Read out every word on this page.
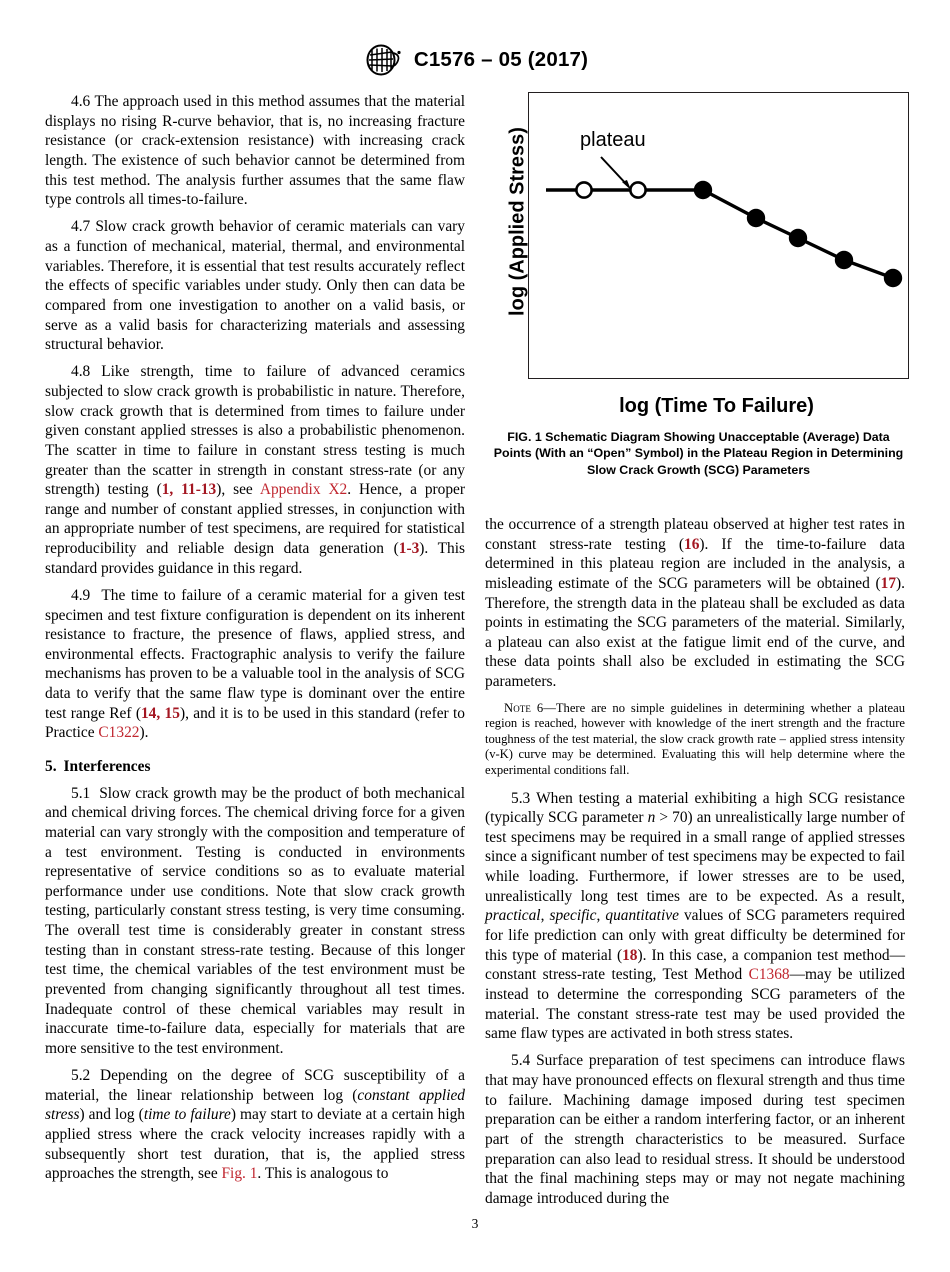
C1576 – 05 (2017)

4.6 The approach used in this method assumes that the material displays no rising R-curve behavior, that is, no increasing fracture resistance (or crack-extension resistance) with increasing crack length. The existence of such behavior cannot be determined from this test method. The analysis further assumes that the same flaw type controls all times-to-failure.

4.7 Slow crack growth behavior of ceramic materials can vary as a function of mechanical, material, thermal, and environmental variables. Therefore, it is essential that test results accurately reflect the effects of specific variables under study. Only then can data be compared from one investigation to another on a valid basis, or serve as a valid basis for characterizing materials and assessing structural behavior.

4.8 Like strength, time to failure of advanced ceramics subjected to slow crack growth is probabilistic in nature. Therefore, slow crack growth that is determined from times to failure under given constant applied stresses is also a probabilistic phenomenon. The scatter in time to failure in constant stress testing is much greater than the scatter in strength in constant stress-rate (or any strength) testing (1, 11-13), see Appendix X2. Hence, a proper range and number of constant applied stresses, in conjunction with an appropriate number of test specimens, are required for statistical reproducibility and reliable design data generation (1-3). This standard provides guidance in this regard.

4.9 The time to failure of a ceramic material for a given test specimen and test fixture configuration is dependent on its inherent resistance to fracture, the presence of flaws, applied stress, and environmental effects. Fractographic analysis to verify the failure mechanisms has proven to be a valuable tool in the analysis of SCG data to verify that the same flaw type is dominant over the entire test range Ref (14, 15), and it is to be used in this standard (refer to Practice C1322).

5. Interferences

5.1 Slow crack growth may be the product of both mechanical and chemical driving forces. The chemical driving force for a given material can vary strongly with the composition and temperature of a test environment. Testing is conducted in environments representative of service conditions so as to evaluate material performance under use conditions. Note that slow crack growth testing, particularly constant stress testing, is very time consuming. The overall test time is considerably greater in constant stress testing than in constant stress-rate testing. Because of this longer test time, the chemical variables of the test environment must be prevented from changing significantly throughout all test times. Inadequate control of these chemical variables may result in inaccurate time-to-failure data, especially for materials that are more sensitive to the test environment.

5.2 Depending on the degree of SCG susceptibility of a material, the linear relationship between log (constant applied stress) and log (time to failure) may start to deviate at a certain high applied stress where the crack velocity increases rapidly with a subsequently short test duration, that is, the applied stress approaches the strength, see Fig. 1. This is analogous to

log (Applied Stress)	plateau
log (Time To Failure)
FIG. 1 Schematic Diagram Showing Unacceptable (Average) Data Points (With an “Open” Symbol) in the Plateau Region in Determining Slow Crack Growth (SCG) Parameters

the occurrence of a strength plateau observed at higher test rates in constant stress-rate testing (16). If the time-to-failure data determined in this plateau region are included in the analysis, a misleading estimate of the SCG parameters will be obtained (17). Therefore, the strength data in the plateau shall be excluded as data points in estimating the SCG parameters of the material. Similarly, a plateau can also exist at the fatigue limit end of the curve, and these data points shall also be excluded in estimating the SCG parameters.

Note 6—There are no simple guidelines in determining whether a plateau region is reached, however with knowledge of the inert strength and the fracture toughness of the test material, the slow crack growth rate – applied stress intensity (v-K) curve may be determined. Evaluating this will help determine where the experimental conditions fall.

5.3 When testing a material exhibiting a high SCG resistance (typically SCG parameter n > 70) an unrealistically large number of test specimens may be required in a small range of applied stresses since a significant number of test specimens may be expected to fail while loading. Furthermore, if lower stresses are to be used, unrealistically long test times are to be expected. As a result, practical, specific, quantitative values of SCG parameters required for life prediction can only with great difficulty be determined for this type of material (18). In this case, a companion test method—constant stress-rate testing, Test Method C1368—may be utilized instead to determine the corresponding SCG parameters of the material. The constant stress-rate test may be used provided the same flaw types are activated in both stress states.

5.4 Surface preparation of test specimens can introduce flaws that may have pronounced effects on flexural strength and thus time to failure. Machining damage imposed during test specimen preparation can be either a random interfering factor, or an inherent part of the strength characteristics to be measured. Surface preparation can also lead to residual stress. It should be understood that the final machining steps may or may not negate machining damage introduced during the

3
